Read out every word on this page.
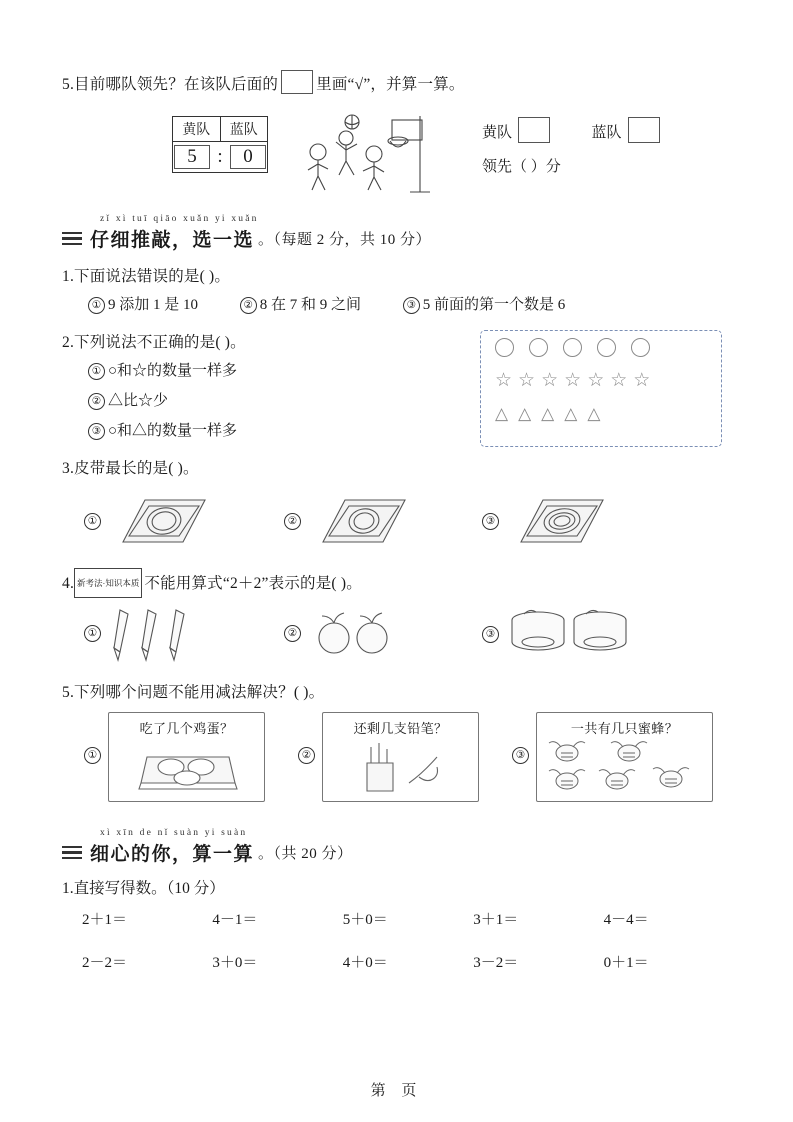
5.目前哪队领先？在该队后面的 里画“√”，并算一算。
黄队	蓝队
5	:	0
黄队	蓝队
领先（ ）分
zǐ xì tuī qiāo xuǎn yi xuǎn
仔细推敲，选一选 。（每题 2 分，共 10 分）
1.下面说法错误的是( )。
① 9 添加 1 是 10	② 8 在 7 和 9 之间	③ 5 前面的第一个数是 6
2.下列说法不正确的是( )。
① ○和☆的数量一样多
② △比☆少
③ ○和△的数量一样多
☆ ☆ ☆ ☆ ☆ ☆ ☆
△ △ △ △ △
3.皮带最长的是( )。
①	②	③
4. 新考法·知识本质 不能用算式“2＋2”表示的是( )。
①	②	③
5.下列哪个问题不能用减法解决？( )。
①
吃了几个鸡蛋？
②
还剩几支铅笔？
③
一共有几只蜜蜂？
xì xīn de nǐ suàn yi suàn
细心的你，算一算 。（共 20 分）
1.直接写得数。（10 分）
2＋1＝	4－1＝	5＋0＝	3＋1＝	4－4＝
2－2＝	3＋0＝	4＋0＝	3－2＝	0＋1＝
第 页
